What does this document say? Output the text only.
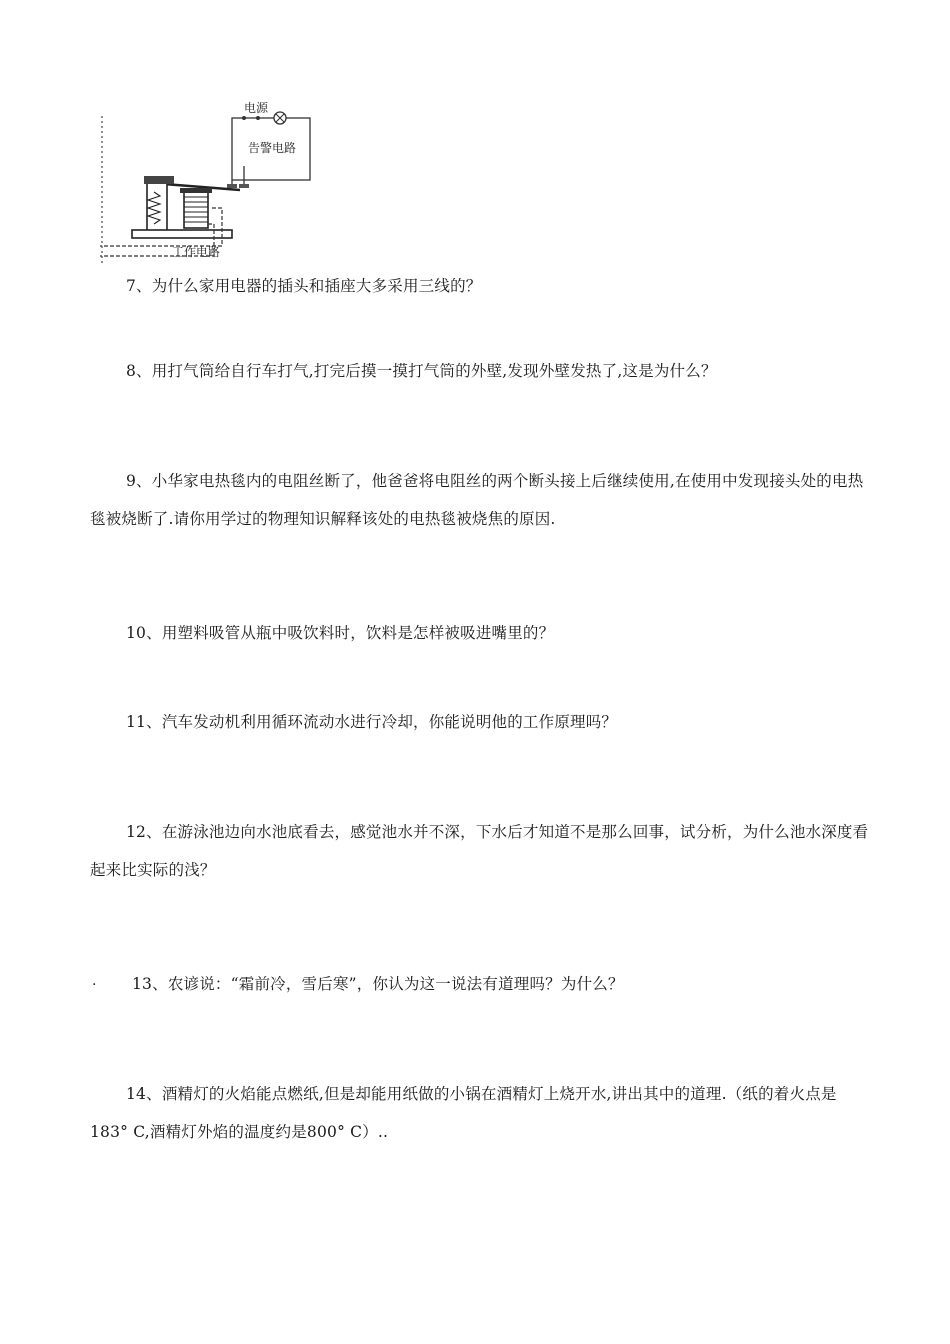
电源
告警电路
工作电路
7、为什么家用电器的插头和插座大多采用三线的？
8、用打气筒给自行车打气,打完后摸一摸打气筒的外壁,发现外壁发热了,这是为什么？
9、小华家电热毯内的电阻丝断了，他爸爸将电阻丝的两个断头接上后继续使用,在使用中发现接头处的电热毯被烧断了.请你用学过的物理知识解释该处的电热毯被烧焦的原因.
10、用塑料吸管从瓶中吸饮料时，饮料是怎样被吸进嘴里的？
11、汽车发动机利用循环流动水进行冷却，你能说明他的工作原理吗？
12、在游泳池边向水池底看去，感觉池水并不深，下水后才知道不是那么回事，试分析，为什么池水深度看起来比实际的浅？
.	13、农谚说：“霜前冷，雪后寒”，你认为这一说法有道理吗？为什么？
14、酒精灯的火焰能点燃纸,但是却能用纸做的小锅在酒精灯上烧开水,讲出其中的道理.（纸的着火点是183° C,酒精灯外焰的温度约是800° C）..
